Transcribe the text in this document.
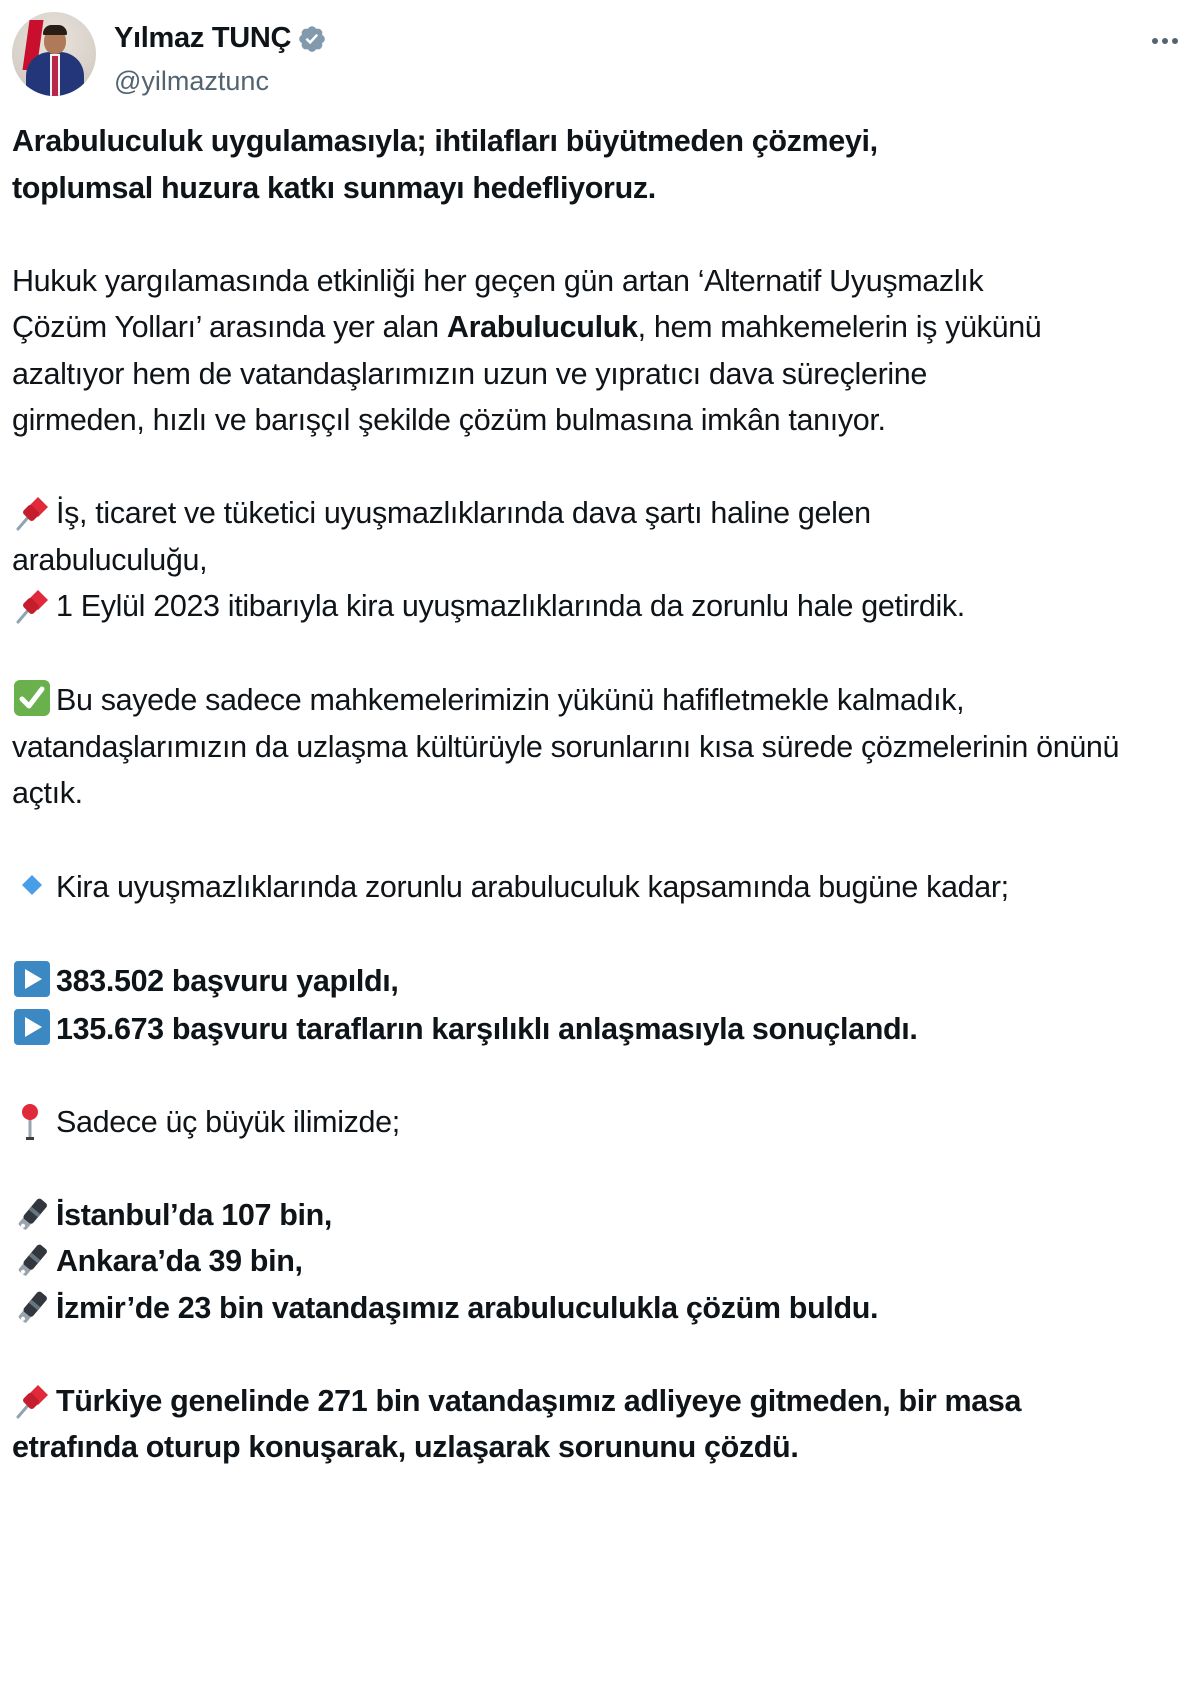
Yılmaz TUNÇ
@yilmaztunc

Arabuluculuk uygulamasıyla; ihtilafları büyütmeden çözmeyi,

toplumsal huzura katkı sunmayı hedefliyoruz.

Hukuk yargılamasında etkinliği her geçen gün artan ‘Alternatif Uyuşmazlık Çözüm Yolları’ arasında yer alan Arabuluculuk, hem mahkemelerin iş yükünü azaltıyor hem de vatandaşlarımızın uzun ve yıpratıcı dava süreçlerine girmeden, hızlı ve barışçıl şekilde çözüm bulmasına imkân tanıyor.

İş, ticaret ve tüketici uyuşmazlıklarında dava şartı haline gelen arabuluculuğu,

1 Eylül 2023 itibarıyla kira uyuşmazlıklarında da zorunlu hale getirdik.

Bu sayede sadece mahkemelerimizin yükünü hafifletmekle kalmadık, vatandaşlarımızın da uzlaşma kültürüyle sorunlarını kısa sürede çözmelerinin önünü açtık.

Kira uyuşmazlıklarında zorunlu arabuluculuk kapsamında bugüne kadar;

383.502 başvuru yapıldı,

135.673 başvuru tarafların karşılıklı anlaşmasıyla sonuçlandı.

Sadece üç büyük ilimizde;

İstanbul’da 107 bin,

Ankara’da 39 bin,

İzmir’de 23 bin vatandaşımız arabuluculukla çözüm buldu.

Türkiye genelinde 271 bin vatandaşımız adliyeye gitmeden, bir masa etrafında oturup konuşarak, uzlaşarak sorununu çözdü.
